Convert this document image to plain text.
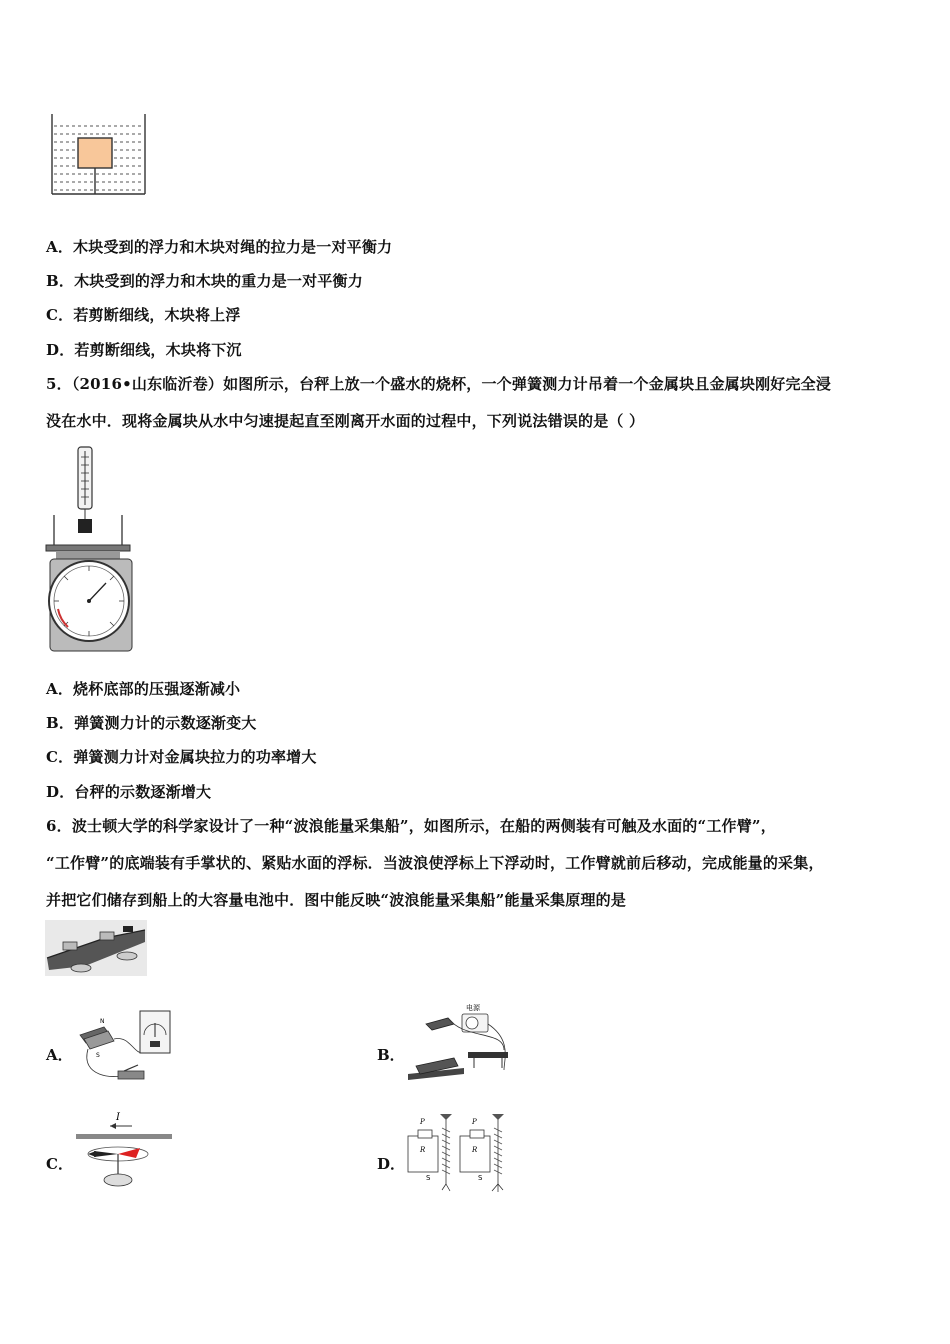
A．木块受到的浮力和木块对绳的拉力是一对平衡力
B．木块受到的浮力和木块的重力是一对平衡力
C．若剪断细线，木块将上浮
D．若剪断细线，木块将下沉
5．（2016•山东临沂卷）如图所示，台秤上放一个盛水的烧杯，一个弹簧测力计吊着一个金属块且金属块刚好完全浸
没在水中．现将金属块从水中匀速提起直至刚离开水面的过程中，下列说法错误的是（ ）
A．烧杯底部的压强逐渐减小
B．弹簧测力计的示数逐渐变大
C．弹簧测力计对金属块拉力的功率增大
D．台秤的示数逐渐增大
6．波士顿大学的科学家设计了一种“波浪能量采集船”，如图所示，在船的两侧装有可触及水面的“工作臂”，
“工作臂”的底端装有手掌状的、紧贴水面的浮标．当波浪使浮标上下浮动时，工作臂就前后移动，完成能量的采集，
并把它们储存到船上的大容量电池中．图中能反映“波浪能量采集船”能量采集原理的是
A．
N
S	B．
电源
C．
I
D．
P	P
R	R
S	S
